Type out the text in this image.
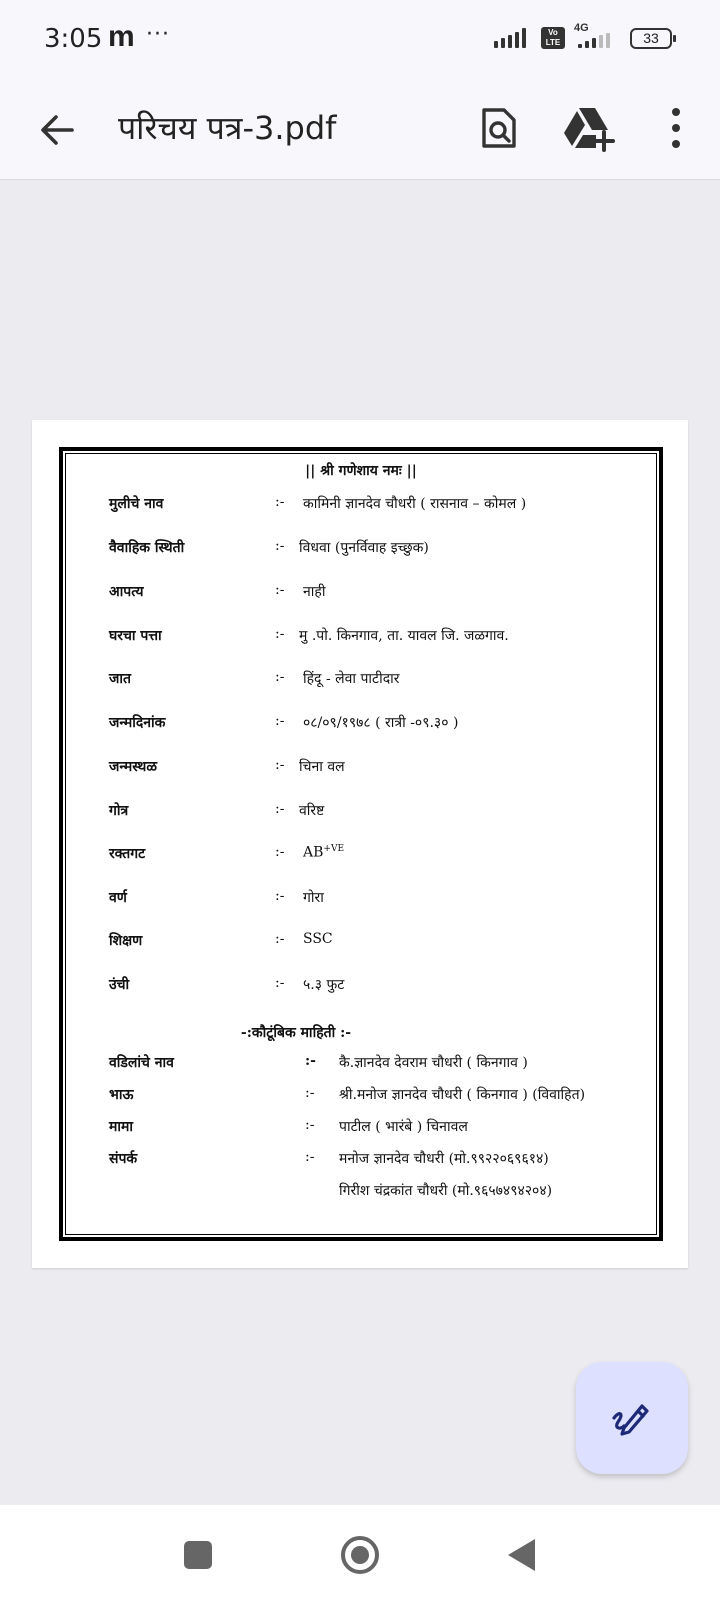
3:05 m ···	Vo LTE
4G
33
परिचय पत्र-3.pdf
|| श्री गणेशाय नमः ||
मुलीचे नाव	:- कामिनी ज्ञानदेव चौधरी ( रासनाव – कोमल )
वैवाहिक स्थिती	:- विधवा (पुनर्विवाह इच्छुक)
आपत्य	:- नाही
घरचा पत्ता	:- मु .पो. किनगाव, ता. यावल जि. जळगाव.
जात	:- हिंदू - लेवा पाटीदार
जन्मदिनांक	:- ०८/०९/१९७८ ( रात्री -०९.३० )
जन्मस्थळ	:- चिना वल
गोत्र	:- वरिष्ट
रक्तगट	:- $AB^{+VE}$
वर्ण	:- गोरा
शिक्षण	:- SSC
उंची	:- ५.३ फुट
-:कौटूंबिक माहिती :-
वडिलांचे नाव	:- कै.ज्ञानदेव देवराम चौधरी ( किनगाव )
भाऊ	:- श्री.मनोज ज्ञानदेव चौधरी ( किनगाव ) (विवाहित)
मामा	:- पाटील ( भारंबे ) चिनावल
संपर्क	:- मनोज ज्ञानदेव चौधरी (मो.९९२२०६९६१४)
गिरीश चंद्रकांत चौधरी (मो.९६५७४९४२०४)
